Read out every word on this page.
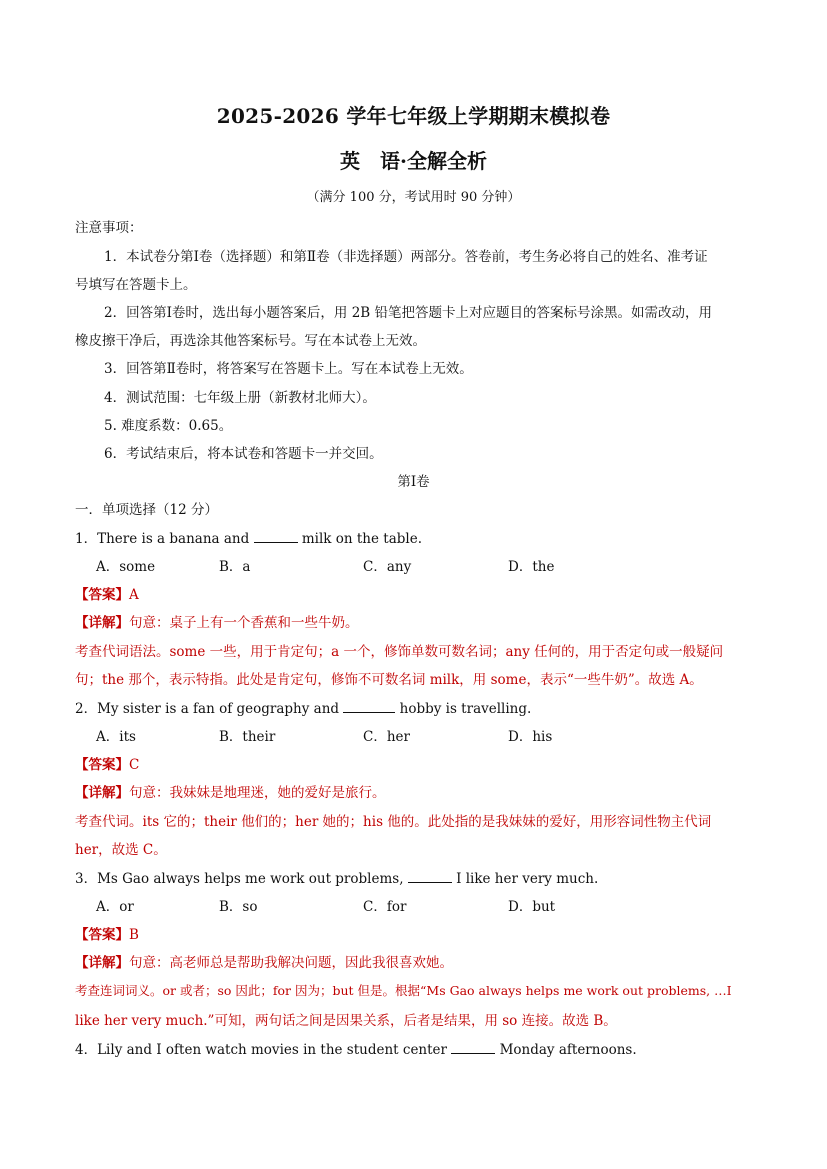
2025-2026 学年七年级上学期期末模拟卷
英　语·全解全析
（满分 100 分，考试用时 90 分钟）
注意事项：
1．本试卷分第Ⅰ卷（选择题）和第Ⅱ卷（非选择题）两部分。答卷前，考生务必将自己的姓名、准考证
号填写在答题卡上。
2．回答第Ⅰ卷时，选出每小题答案后，用 2B 铅笔把答题卡上对应题目的答案标号涂黑。如需改动，用
橡皮擦干净后，再选涂其他答案标号。写在本试卷上无效。
3．回答第Ⅱ卷时，将答案写在答题卡上。写在本试卷上无效。
4．测试范围：七年级上册（新教材北师大）。
5. 难度系数：0.65。
6．考试结束后，将本试卷和答题卡一并交回。
第Ⅰ卷
一．单项选择（12 分）
1．There is a banana and	milk on the table.
A．some	B．a	C．any	D．the
【答案】A
【详解】句意：桌子上有一个香蕉和一些牛奶。
考查代词语法。some 一些，用于肯定句；a 一个，修饰单数可数名词；any 任何的，用于否定句或一般疑问
句；the 那个，表示特指。此处是肯定句，修饰不可数名词 milk，用 some，表示“一些牛奶”。故选 A。
2．My sister is a fan of geography and	hobby is travelling.
A．its	B．their	C．her	D．his
【答案】C
【详解】句意：我妹妹是地理迷，她的爱好是旅行。
考查代词。its 它的；their 他们的；her 她的；his 他的。此处指的是我妹妹的爱好，用形容词性物主代词
her，故选 C。
3．Ms Gao always helps me work out problems,	I like her very much.
A．or	B．so	C．for	D．but
【答案】B
【详解】句意：高老师总是帮助我解决问题，因此我很喜欢她。
考查连词词义。or 或者；so 因此；for 因为；but 但是。根据“Ms Gao always helps me work out problems, …I
like her very much.”可知，两句话之间是因果关系，后者是结果，用 so 连接。故选 B。
4．Lily and I often watch movies in the student center	Monday afternoons.
